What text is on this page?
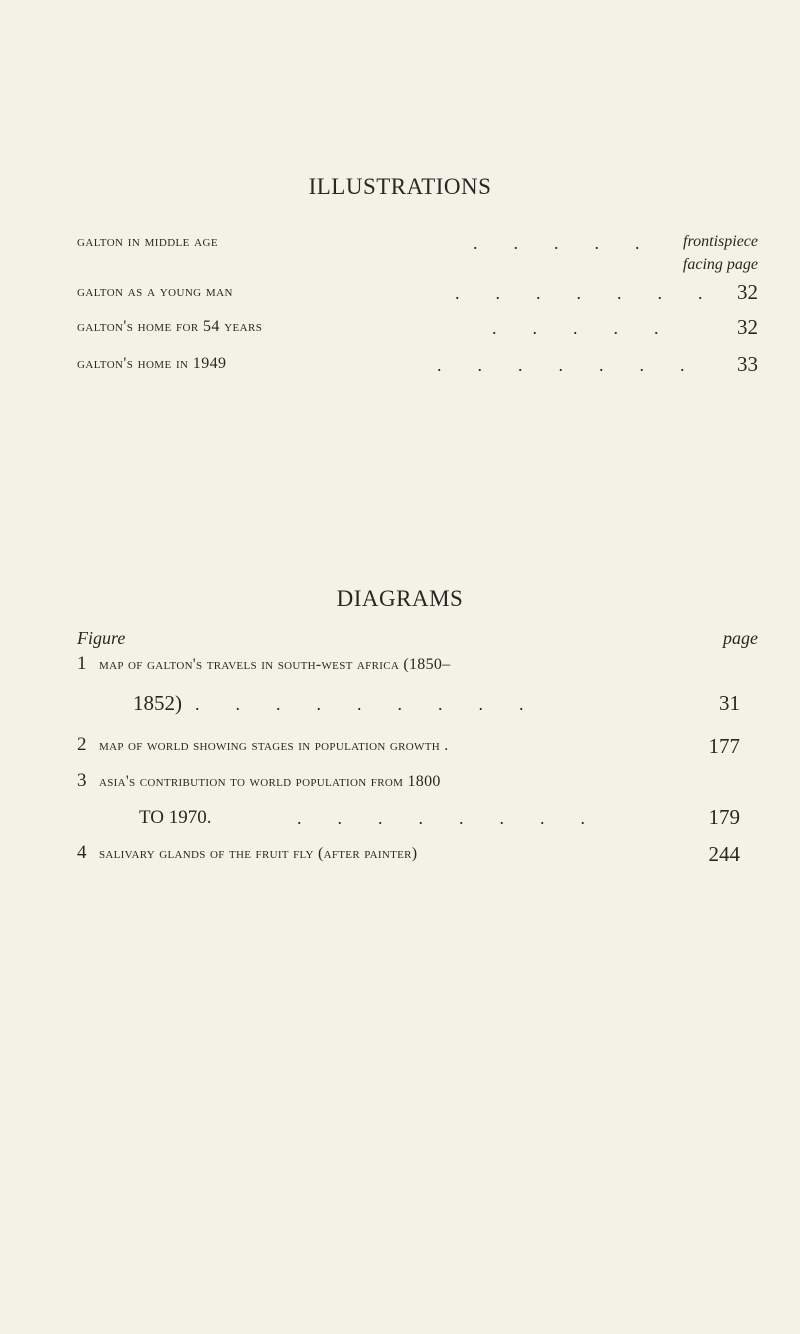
ILLUSTRATIONS
galton in middle age	.        .        .        .        .	frontispiece
facing page
galton as a young man	.        .        .        .        .        .        . 32
galton's home for 54 years	.        .        .        .        .	32
galton's home in 1949	.        .        .        .        .        .        .	33
DIAGRAMS
Figure	page
1 map of galton's travels in south-west africa (1850–
1852) .        .        .        .        .        .        .        .        .	31
2 map of world showing stages in population growth .	177
3 asia's contribution to world population from 1800
TO 1970.	.        .        .        .        .        .        .        .	179
4 salivary glands of the fruit fly (after painter)	244
